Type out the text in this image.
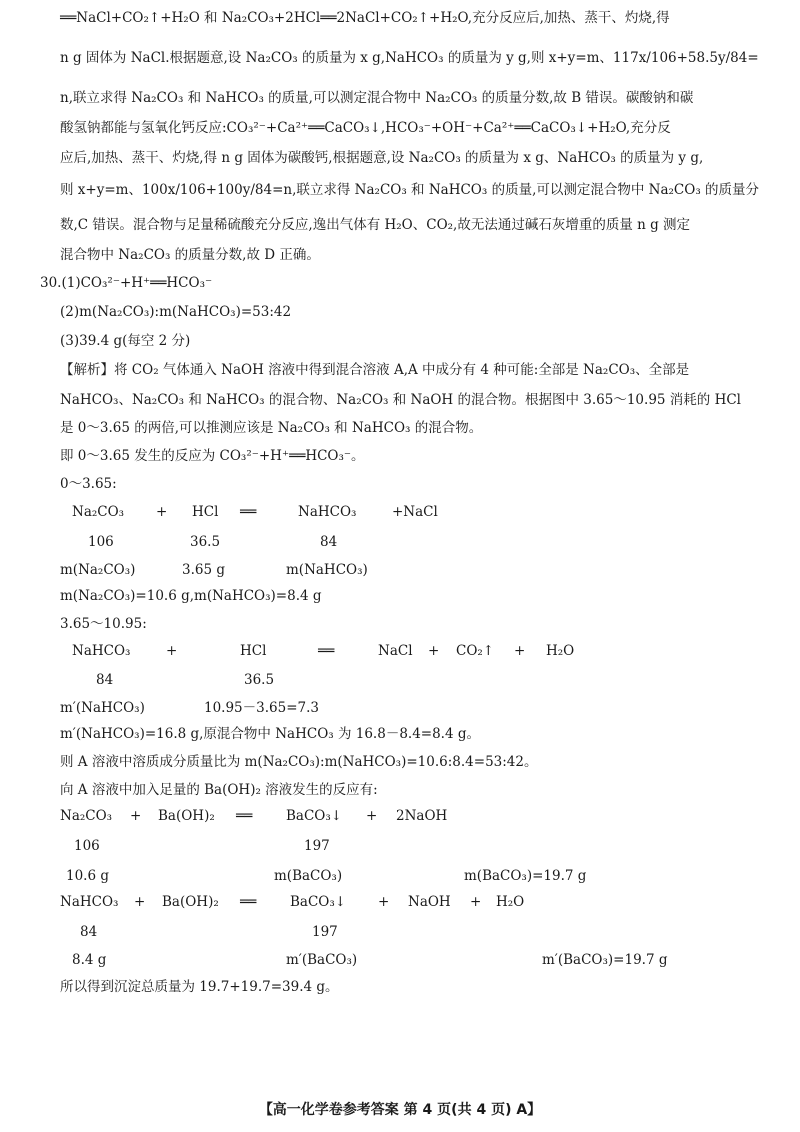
══NaCl+CO₂↑+H₂O 和 Na₂CO₃+2HCl══2NaCl+CO₂↑+H₂O,充分反应后,加热、蒸干、灼烧,得
n g 固体为 NaCl.根据题意,设 Na₂CO₃ 的质量为 x g,NaHCO₃ 的质量为 y g,则 x+y=m、117x/106+58.5y/84=
n,联立求得 Na₂CO₃ 和 NaHCO₃ 的质量,可以测定混合物中 Na₂CO₃ 的质量分数,故 B 错误。碳酸钠和碳
酸氢钠都能与氢氧化钙反应:CO₃²⁻+Ca²⁺══CaCO₃↓,HCO₃⁻+OH⁻+Ca²⁺══CaCO₃↓+H₂O,充分反
应后,加热、蒸干、灼烧,得 n g 固体为碳酸钙,根据题意,设 Na₂CO₃ 的质量为 x g、NaHCO₃ 的质量为 y g,
则 x+y=m、100x/106+100y/84=n,联立求得 Na₂CO₃ 和 NaHCO₃ 的质量,可以测定混合物中 Na₂CO₃ 的质量分
数,C 错误。混合物与足量稀硫酸充分反应,逸出气体有 H₂O、CO₂,故无法通过碱石灰增重的质量 n g 测定
混合物中 Na₂CO₃ 的质量分数,故 D 正确。
30.(1)CO₃²⁻+H⁺══HCO₃⁻
(2)m(Na₂CO₃):m(NaHCO₃)=53:42
(3)39.4 g(每空 2 分)
【解析】将 CO₂ 气体通入 NaOH 溶液中得到混合溶液 A,A 中成分有 4 种可能:全部是 Na₂CO₃、全部是
NaHCO₃、Na₂CO₃ 和 NaHCO₃ 的混合物、Na₂CO₃ 和 NaOH 的混合物。根据图中 3.65～10.95 消耗的 HCl
是 0～3.65 的两倍,可以推测应该是 Na₂CO₃ 和 NaHCO₃ 的混合物。
即 0～3.65 发生的反应为 CO₃²⁻+H⁺══HCO₃⁻。
0～3.65:
Na₂CO₃ + HCl ══	NaHCO₃	+NaCl
106	36.5	84
m(Na₂CO₃)	3.65 g	m(NaHCO₃)
m(Na₂CO₃)=10.6 g,m(NaHCO₃)=8.4 g
3.65～10.95:
NaHCO₃	+	HCl	══	NaCl + CO₂↑ + H₂O
84	36.5
m′(NaHCO₃)	10.95－3.65=7.3
m′(NaHCO₃)=16.8 g,原混合物中 NaHCO₃ 为 16.8－8.4=8.4 g。
则 A 溶液中溶质成分质量比为 m(Na₂CO₃):m(NaHCO₃)=10.6:8.4=53:42。
向 A 溶液中加入足量的 Ba(OH)₂ 溶液发生的反应有:
Na₂CO₃ + Ba(OH)₂ ══ BaCO₃↓ + 2NaOH
106	197
10.6 g	m(BaCO₃)	m(BaCO₃)=19.7 g
NaHCO₃ + Ba(OH)₂ ══ BaCO₃↓ + NaOH + H₂O
84	197
8.4 g	m′(BaCO₃)	m′(BaCO₃)=19.7 g
所以得到沉淀总质量为 19.7+19.7=39.4 g。
【高一化学卷参考答案 第 4 页(共 4 页) A】
